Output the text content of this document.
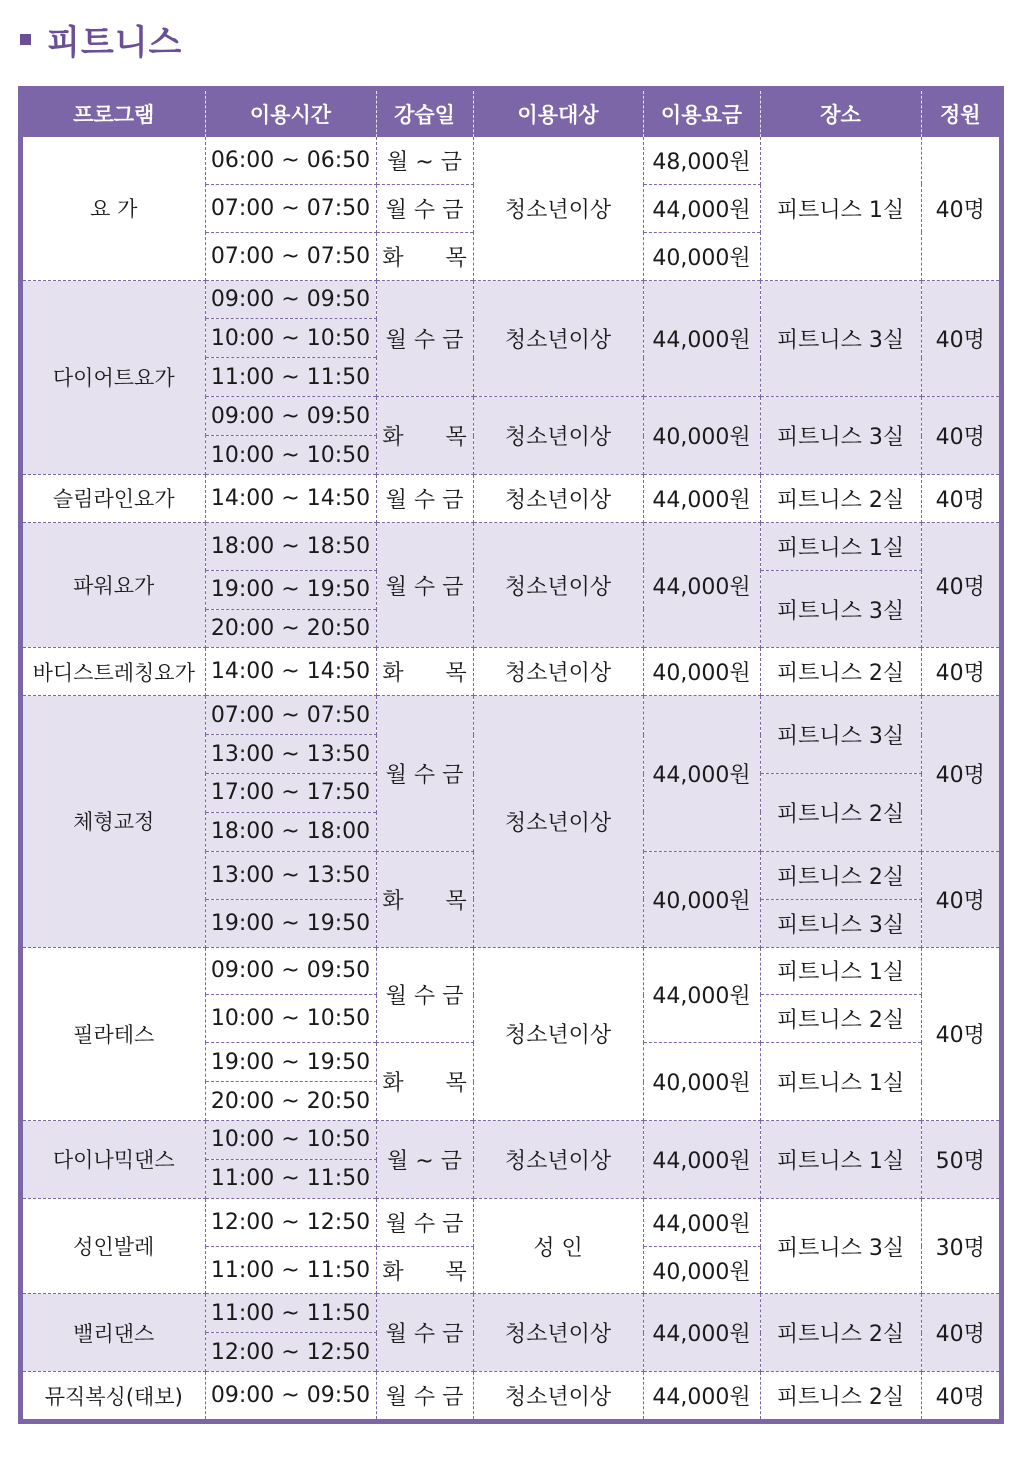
피트니스
프로그램	이용시간	강습일	이용대상	이용요금	장소	정원
요 가	06:00 ~ 06:50	월 ~ 금	청소년이상	48,000원	피트니스 1실	40명
	07:00 ~ 07:50	월 수 금		44,000원		
	07:00 ~ 07:50	화      목		40,000원		
다이어트요가	09:00 ~ 09:50	월 수 금	청소년이상	44,000원	피트니스 3실	40명
	10:00 ~ 10:50					
	11:00 ~ 11:50					
	09:00 ~ 09:50	화      목	청소년이상	40,000원	피트니스 3실	40명
	10:00 ~ 10:50					
슬림라인요가	14:00 ~ 14:50	월 수 금	청소년이상	44,000원	피트니스 2실	40명
파워요가	18:00 ~ 18:50	월 수 금	청소년이상	44,000원	피트니스 1실	40명
	19:00 ~ 19:50				피트니스 3실	
	20:00 ~ 20:50					
바디스트레칭요가	14:00 ~ 14:50	화      목	청소년이상	40,000원	피트니스 2실	40명
체형교정	07:00 ~ 07:50	월 수 금	청소년이상	44,000원	피트니스 3실	40명
	13:00 ~ 13:50					
	17:00 ~ 17:50				피트니스 2실	
	18:00 ~ 18:00					
	13:00 ~ 13:50	화      목		40,000원	피트니스 2실	40명
	19:00 ~ 19:50				피트니스 3실	
필라테스	09:00 ~ 09:50	월 수 금	청소년이상	44,000원	피트니스 1실	40명
	10:00 ~ 10:50				피트니스 2실	
	19:00 ~ 19:50	화      목		40,000원	피트니스 1실	
	20:00 ~ 20:50					
다이나믹댄스	10:00 ~ 10:50	월 ~ 금	청소년이상	44,000원	피트니스 1실	50명
	11:00 ~ 11:50					
성인발레	12:00 ~ 12:50	월 수 금	성 인	44,000원	피트니스 3실	30명
	11:00 ~ 11:50	화      목		40,000원		
밸리댄스	11:00 ~ 11:50	월 수 금	청소년이상	44,000원	피트니스 2실	40명
	12:00 ~ 12:50					
뮤직복싱(태보)	09:00 ~ 09:50	월 수 금	청소년이상	44,000원	피트니스 2실	40명
